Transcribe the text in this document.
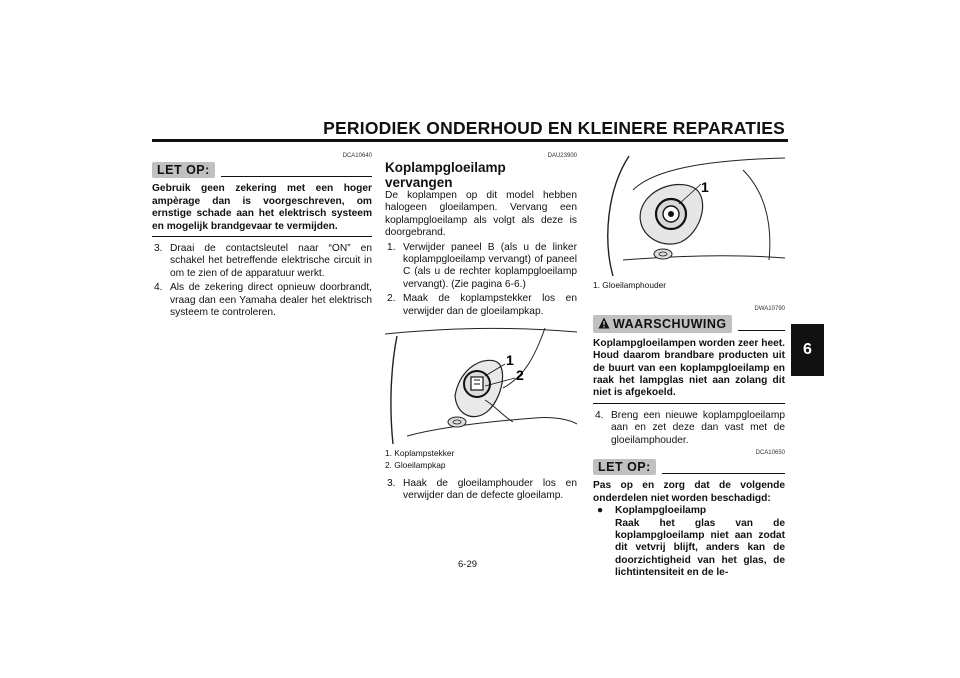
PERIODIEK ONDERHOUD EN KLEINERE REPARATIES
6
DCA10640
LET OP:
Gebruik geen zekering met een hoger ampèrage dan is voorgeschreven, om ernstige schade aan het elektrisch systeem en mogelijk brandgevaar te vermijden.
3. Draai de contactsleutel naar “ON” en schakel het betreffende elektrische circuit in om te zien of de apparatuur werkt.
4. Als de zekering direct opnieuw doorbrandt, vraag dan een Yamaha dealer het elektrisch systeem te controleren.
DAU23900
Koplampgloeilamp vervangen
De koplampen op dit model hebben halogeen gloeilampen. Vervang een koplampgloeilamp als volgt als deze is doorgebrand.
1. Verwijder paneel B (als u de linker koplampgloeilamp vervangt) of paneel C (als u de rechter koplampgloeilamp vervangt). (Zie pagina 6-6.)
2. Maak de koplampstekker los en verwijder dan de gloeilampkap.
1
2
1. Koplampstekker
2. Gloeilampkap
3. Haak de gloeilamphouder los en verwijder dan de defecte gloeilamp.
1
1. Gloeilamphouder
DWA10790
WAARSCHUWING
Koplampgloeilampen worden zeer heet. Houd daarom brandbare producten uit de buurt van een koplampgloeilamp en raak het lampglas niet aan zolang dit niet is afgekoeld.
4. Breng een nieuwe koplampgloeilamp aan en zet deze dan vast met de gloeilamphouder.
DCA10650
LET OP:
Pas op en zorg dat de volgende onderdelen niet worden beschadigd:
●	Koplampgloeilamp
Raak het glas van de koplampgloeilamp niet aan zodat dit vetvrij blijft, anders kan de doorzichtigheid van het glas, de lichtintensiteit en de le-
6-29
